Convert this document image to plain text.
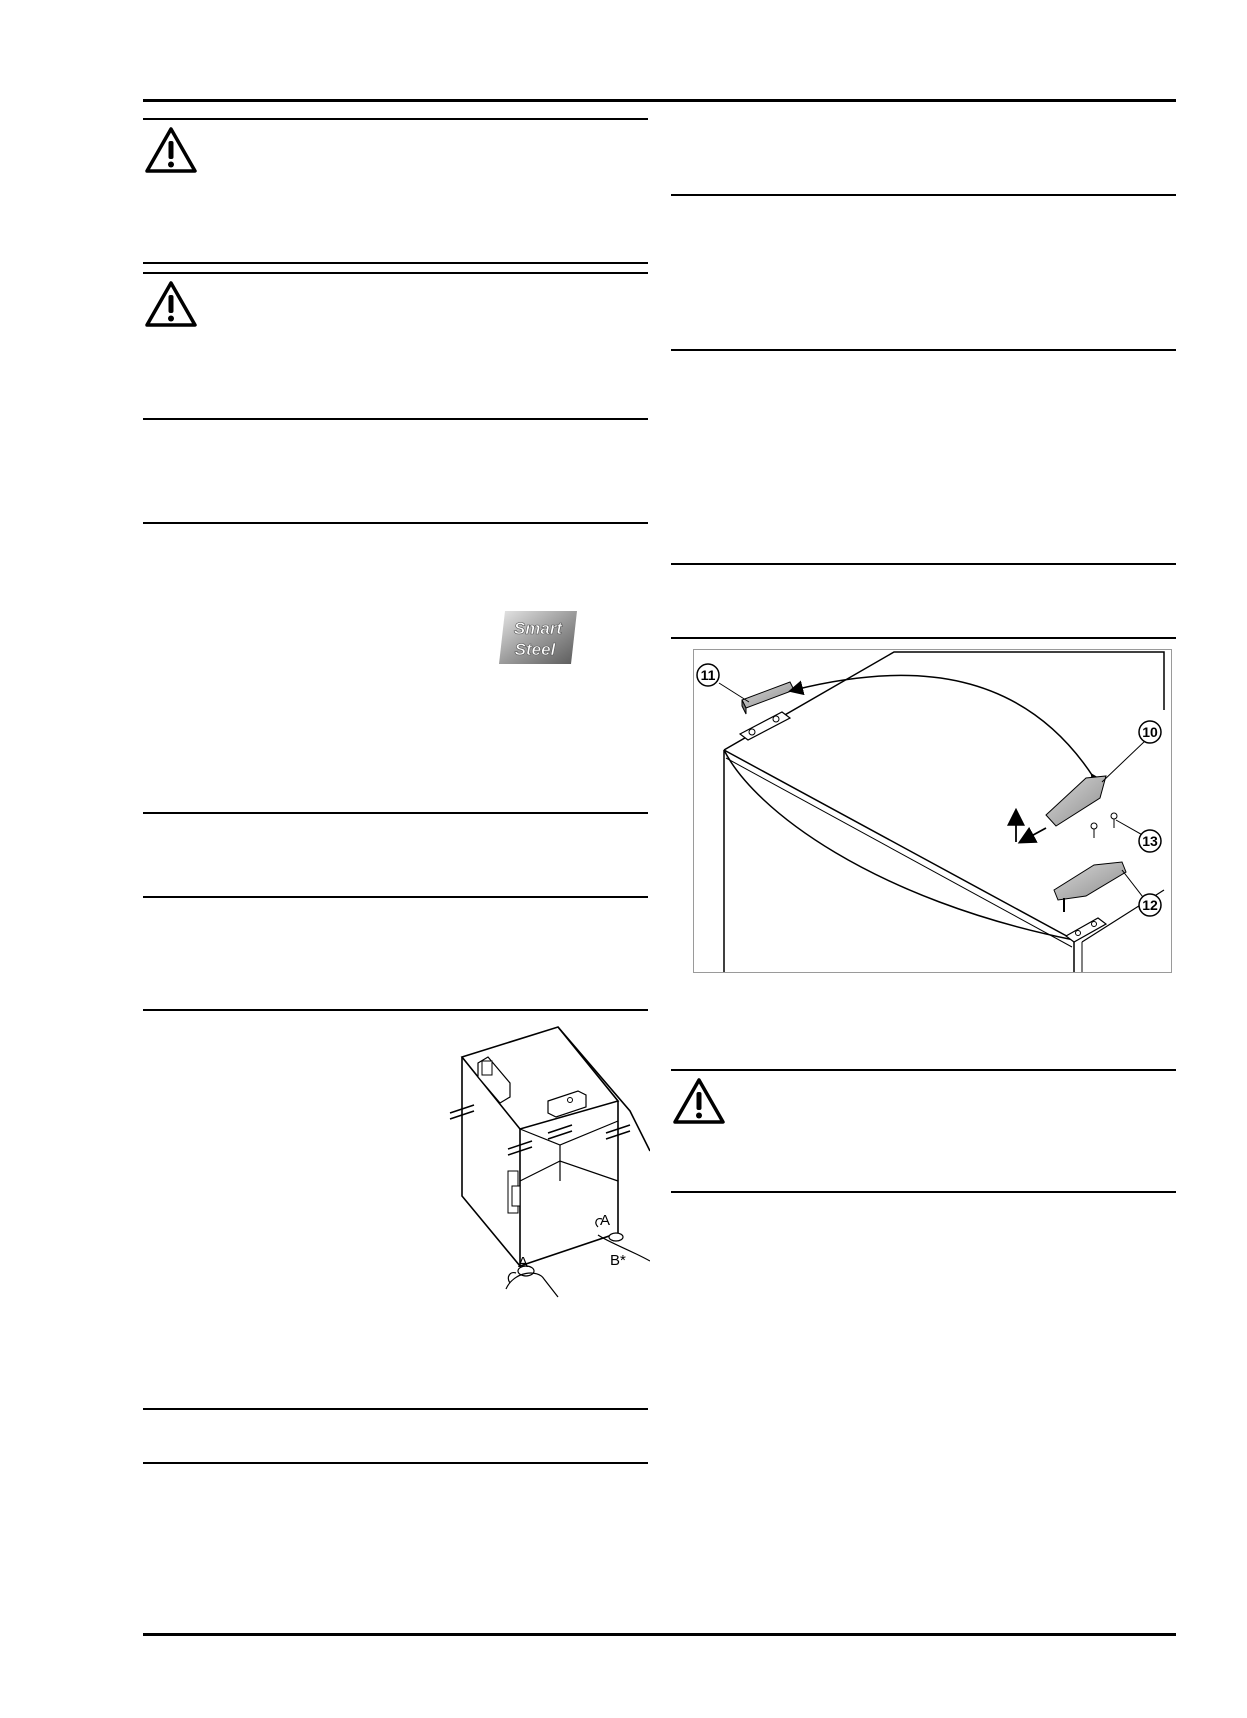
Smart
Steel
11
10
13
12
A
A
B*
